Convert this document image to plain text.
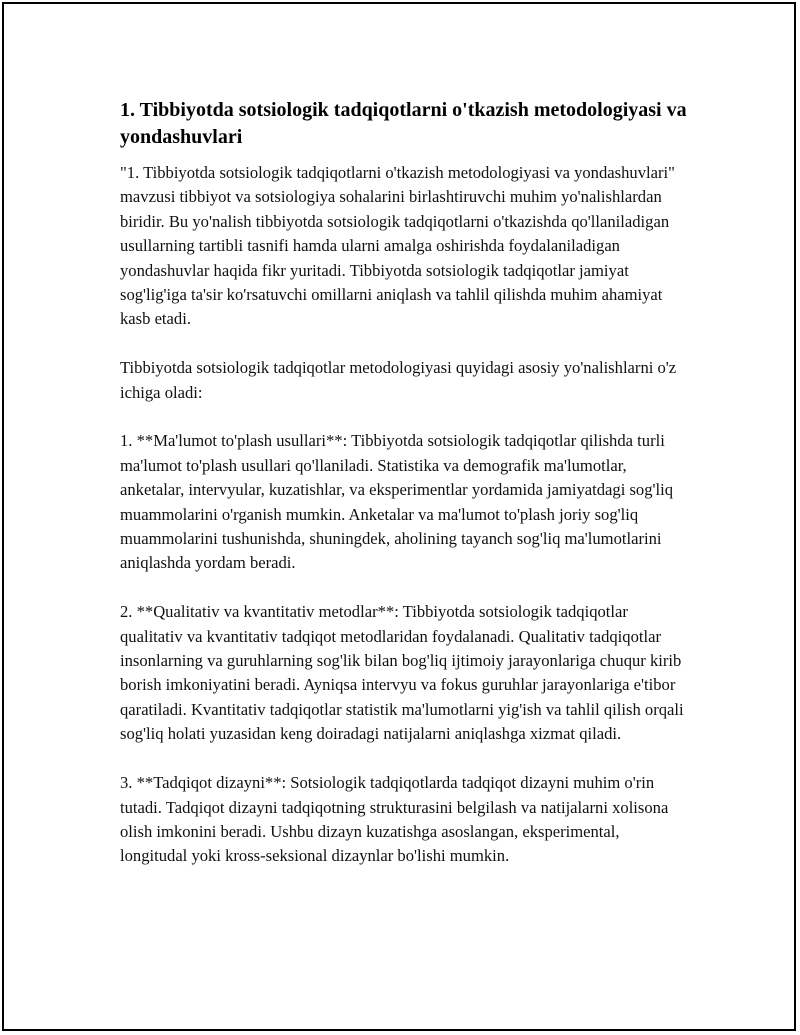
1. Tibbiyotda sotsiologik tadqiqotlarni o'tkazish metodologiyasi va yondashuvlari

"1. Tibbiyotda sotsiologik tadqiqotlarni o'tkazish metodologiyasi va yondashuvlari" mavzusi tibbiyot va sotsiologiya sohalarini birlashtiruvchi muhim yo'nalishlardan biridir. Bu yo'nalish tibbiyotda sotsiologik tadqiqotlarni o'tkazishda qo'llaniladigan usullarning tartibli tasnifi hamda ularni amalga oshirishda foydalaniladigan yondashuvlar haqida fikr yuritadi. Tibbiyotda sotsiologik tadqiqotlar jamiyat sog'lig'iga ta'sir ko'rsatuvchi omillarni aniqlash va tahlil qilishda muhim ahamiyat kasb etadi.

Tibbiyotda sotsiologik tadqiqotlar metodologiyasi quyidagi asosiy yo'nalishlarni o'z ichiga oladi:

1. **Ma'lumot to'plash usullari**: Tibbiyotda sotsiologik tadqiqotlar qilishda turli ma'lumot to'plash usullari qo'llaniladi. Statistika va demografik ma'lumotlar, anketalar, intervyular, kuzatishlar, va eksperimentlar yordamida jamiyatdagi sog'liq muammolarini o'rganish mumkin. Anketalar va ma'lumot to'plash joriy sog'liq muammolarini tushunishda, shuningdek, aholining tayanch sog'liq ma'lumotlarini aniqlashda yordam beradi.

2. **Qualitativ va kvantitativ metodlar**: Tibbiyotda sotsiologik tadqiqotlar qualitativ va kvantitativ tadqiqot metodlaridan foydalanadi. Qualitativ tadqiqotlar insonlarning va guruhlarning sog'lik bilan bog'liq ijtimoiy jarayonlariga chuqur kirib borish imkoniyatini beradi. Ayniqsa intervyu va fokus guruhlar jarayonlariga e'tibor qaratiladi. Kvantitativ tadqiqotlar statistik ma'lumotlarni yig'ish va tahlil qilish orqali sog'liq holati yuzasidan keng doiradagi natijalarni aniqlashga xizmat qiladi.

3. **Tadqiqot dizayni**: Sotsiologik tadqiqotlarda tadqiqot dizayni muhim o'rin tutadi. Tadqiqot dizayni tadqiqotning strukturasini belgilash va natijalarni xolisona olish imkonini beradi. Ushbu dizayn kuzatishga asoslangan, eksperimental, longitudal yoki kross-seksional dizaynlar bo'lishi mumkin.
